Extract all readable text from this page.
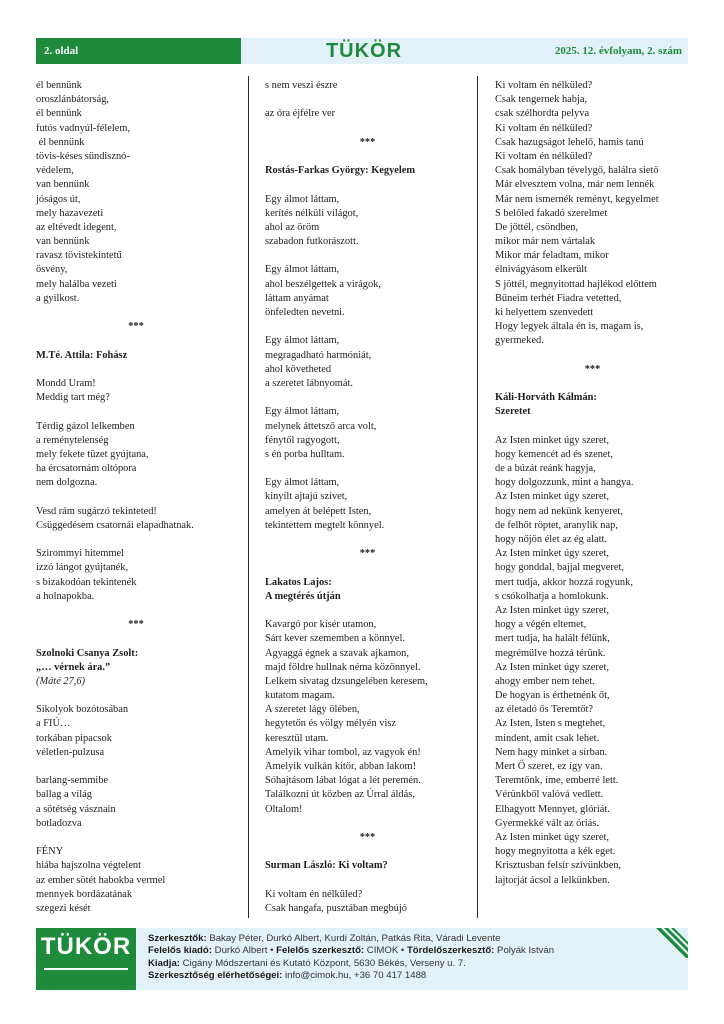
2. oldal	TÜKÖR	2025. 12. évfolyam, 2. szám
él bennünk
oroszlánbátorság,
él bennünk
futós vadnyúl-félelem,
él bennünk
tövis-késes sündisznó-
védelem,
van bennünk
jóságos út,
mely hazavezeti
az eltévedt idegent,
van bennünk
ravasz tövistekintetű
ösvény,
mely halálba vezeti
a gyilkost.
***
M.Té. Attila: Fohász
Mondd Uram!
Meddig tart még?
Térdig gázol lelkemben
a reménytelenség
mely fekete tüzet gyújtana,
ha ércsatornám oltópora
nem dolgozna.
Vesd rám sugárzó tekinteted!
Csüggedésem csatornái elapadhatnak.
Szirommyi hitemmel
izzó lángot gyújtanék,
s bizakodóan tekintenék
a holnapokba.
***
Szolnoki Csanya Zsolt:
„… vérnek ára.”
(Máté 27,6)
Sikolyok bozótosában
a FIÚ…
torkában pipacsok
véletlen-pulzusa
barlang-semmibe
ballag a világ
a sötétség vásznain
botladozva
FÉNY
hiába hajszolna végtelent
az ember sötét habokba vermel
mennyek bordázatának
szegezi kését
s nem veszi észre
az óra éjfélre ver
***
Rostás-Farkas György: Kegyelem
Egy álmot láttam,
kerítés nélküli világot,
ahol az öröm
szabadon futkorászott.
Egy álmot láttam,
ahol beszélgettek a virágok,
láttam anyámat
önfeledten nevetni.
Egy álmot láttam,
megragadható harmóniát,
ahol követheted
a szeretet lábnyomát.
Egy álmot láttam,
melynek áttetsző arca volt,
fénytől ragyogott,
s én porba hulltam.
Egy álmot láttam,
kinyílt ajtajú szívet,
amelyen át belépett Isten,
tekintettem megtelt könnyel.
***
Lakatos Lajos:
A megtérés útján
Kavargó por kísér utamon,
Sárt kever szememben a könnyel.
Agyaggá égnek a szavak ajkamon,
majd földre hullnak néma közönnyel.
Lelkem sivatag dzsungelében keresem,
kutatom magam.
A szeretet lágy ölében,
hegytetőn és völgy mélyén visz
keresztül utam.
Amelyik vihar tombol, az vagyok én!
Amelyik vulkán kitör, abban lakom!
Sóhajtásom lábat lógat a lét peremén.
Találkozni út közben az Úrral áldás,
Oltalom!
***
Surman László: Ki voltam?
Ki voltam én nélküled?
Csak hangafa, pusztában megbújó
Ki voltam én nélküled?
Csak tengernek habja,
csak szélhordta pelyva
Ki voltam én nélküled?
Csak hazugságot lehelő, hamis tanú
Ki voltam én nélküled?
Csak homályban tévelygő, halálra siető
Már elvesztem volna, már nem lennék
Már nem ismernék reményt, kegyelmet
S belőled fakadó szerelmet
De jöttél, csöndben,
mikor már nem vártalak
Mikor már feladtam, mikor
élnivágyásom elkerült
S jöttél, megnyitottad hajlékod előttem
Bűneim terhét Fiadra vetetted,
ki helyettem szenvedett
Hogy legyek általa én is, magam is,
gyermeked.
***
Káli-Horváth Kálmán:
Szeretet
Az Isten minket úgy szeret,
hogy kemencét ad és szenet,
de a búzát reánk hagyja,
hogy dolgozzunk, mint a hangya.
Az Isten minket úgy szeret,
hogy nem ad nekünk kenyeret,
de felhőt röptet, aranylik nap,
hogy nőjön élet az ég alatt.
Az Isten minket úgy szeret,
hogy gonddal, bajjal megveret,
mert tudja, akkor hozzá rogyunk,
s csókolhatja a homlokunk.
Az Isten minket úgy szeret,
hogy a végén eltemet,
mert tudja, ha halált félünk,
megrémülve hozzá térünk.
Az Isten minket úgy szeret,
ahogy ember nem tehet.
De hogyan is érthetnénk őt,
az életadó ős Teremtőt?
Az Isten, Isten s megtehet,
mindent, amit csak lehet.
Nem hagy minket a sírban.
Mert Ő szeret, ez így van.
Teremtőnk, íme, emberré lett.
Vérünkből valóvá vedlett.
Elhagyott Mennyet, glóriát.
Gyermekké vált az óriás.
Az Isten minket úgy szeret,
hogy megnyitotta a kék eget.
Krisztusban felsír szívünkben,
lajtorját ácsol a lelkünkben.
TÜKÖR	Szerkesztők: Bakay Péter, Durkó Albert, Kurdi Zoltán, Patkás Rita, Váradi Levente
Felelős kiadó: Durkó Albert • Felelős szerkesztő: CIMOK • Tördelőszerkesztő: Polyák István
Kiadja: Cigány Módszertani és Kutató Központ, 5630 Békés, Verseny u. 7.
Szerkesztőség elérhetőségei: info@cimok.hu, +36 70 417 1488
